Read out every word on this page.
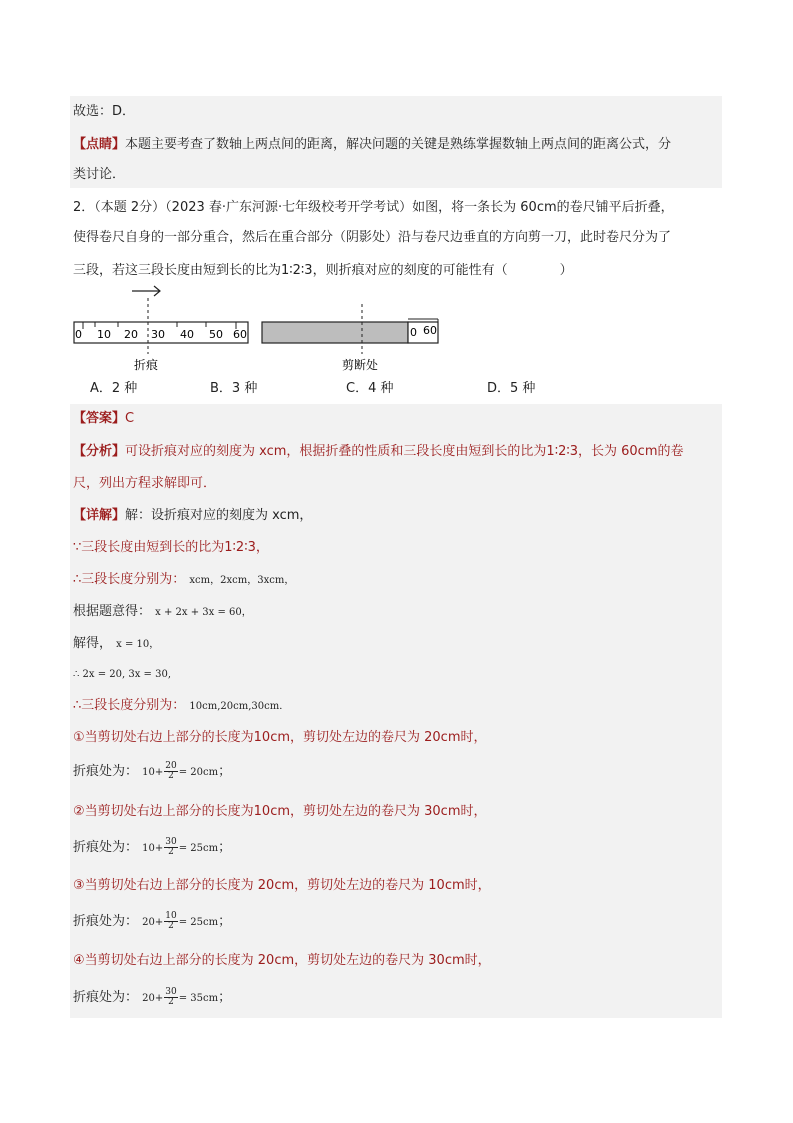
故选：D．
【点睛】本题主要考查了数轴上两点间的距离，解决问题的关键是熟练掌握数轴上两点间的距离公式，分
类讨论．
2．（本题 2分）（2023 春·广东河源·七年级校考开学考试）如图，将一条长为 60cm的卷尺铺平后折叠，
使得卷尺自身的一部分重合，然后在重合部分（阴影处）沿与卷尺边垂直的方向剪一刀，此时卷尺分为了
三段，若这三段长度由短到长的比为1∶2∶3，则折痕对应的刻度的可能性有（　　　　）
0 10 20 30 40 50 60
折痕
0 60
剪断处
A．2 种	B．3 种	C．4 种	D．5 种
【答案】C
【分析】可设折痕对应的刻度为 xcm，根据折叠的性质和三段长度由短到长的比为1∶2∶3，长为 60cm的卷
尺，列出方程求解即可．
【详解】解：设折痕对应的刻度为 xcm，
∵三段长度由短到长的比为1∶2∶3，
∴三段长度分别为： xcm，2xcm，3xcm，
根据题意得： x + 2x + 3x = 60，
解得， x = 10，
∴ 2x = 20, 3x = 30,
∴三段长度分别为： 10cm,20cm,30cm．
①当剪切处右边上部分的长度为10cm，剪切处左边的卷尺为 20cm时，
折痕处为： $10+ \frac{20}{2} = 20cm$；
②当剪切处右边上部分的长度为10cm，剪切处左边的卷尺为 30cm时，
折痕处为： $10+ \frac{30}{2} = 25cm$；
③当剪切处右边上部分的长度为 20cm，剪切处左边的卷尺为 10cm时，
折痕处为： $20+ \frac{10}{2} = 25cm$；
④当剪切处右边上部分的长度为 20cm，剪切处左边的卷尺为 30cm时，
折痕处为： $20+ \frac{30}{2} = 35cm$；
